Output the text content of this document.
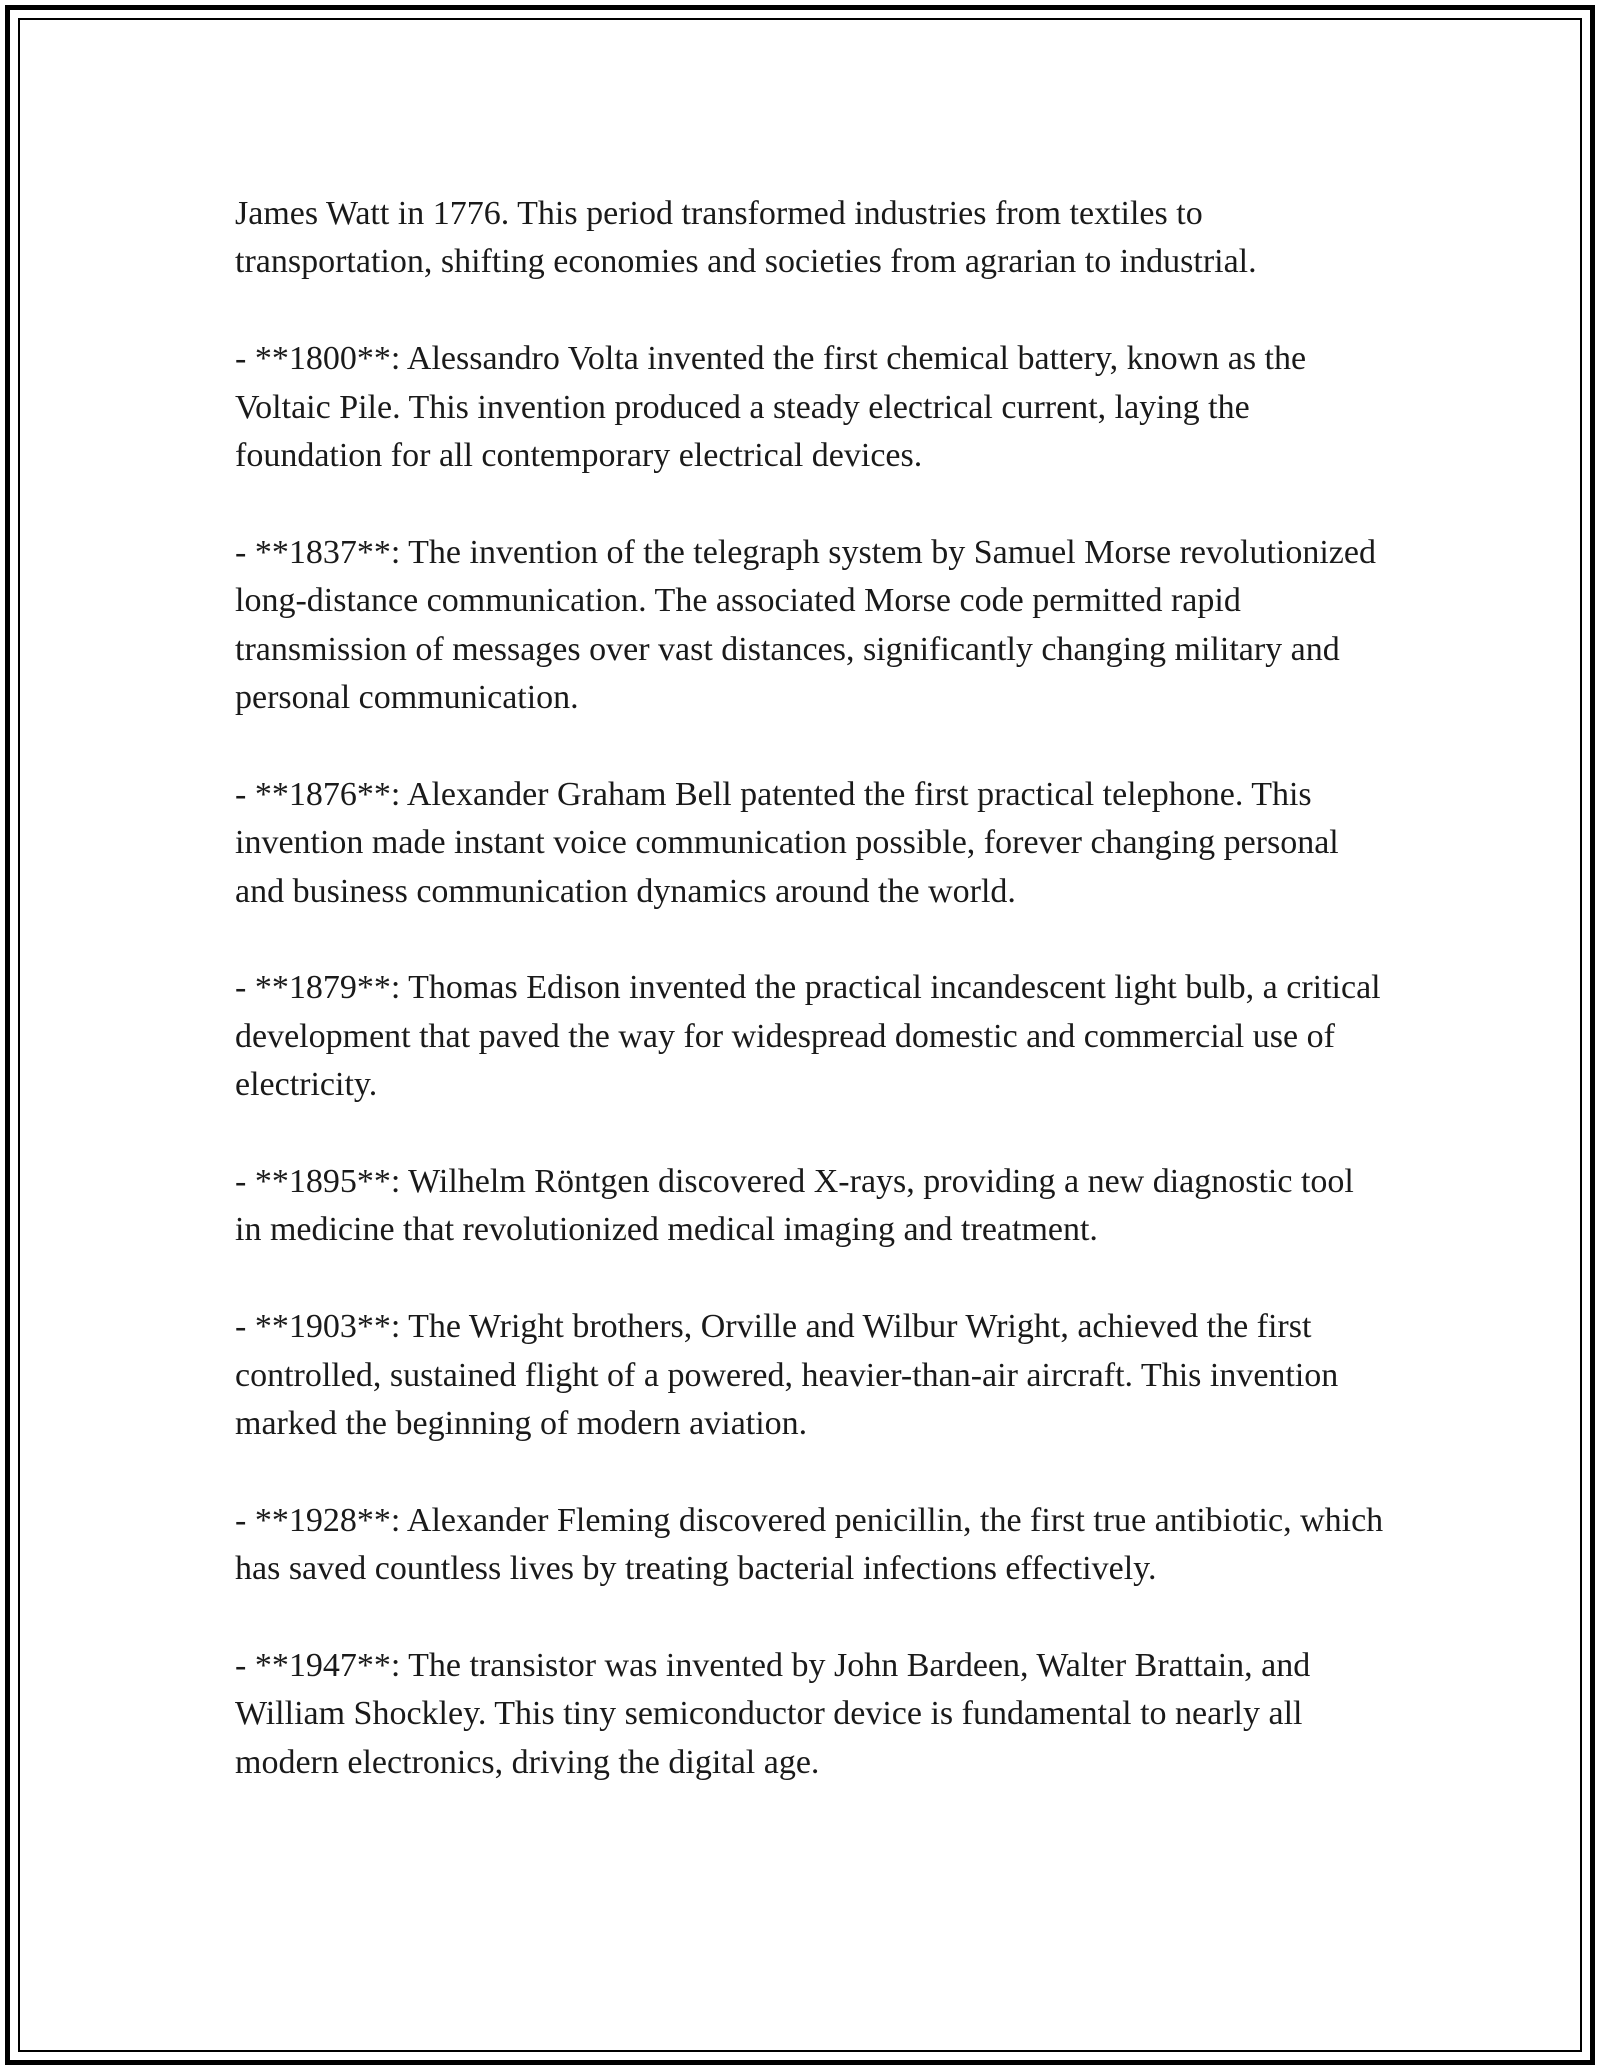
James Watt in 1776. This period transformed industries from textiles to transportation, shifting economies and societies from agrarian to industrial.

- **1800**: Alessandro Volta invented the first chemical battery, known as the Voltaic Pile. This invention produced a steady electrical current, laying the foundation for all contemporary electrical devices.

- **1837**: The invention of the telegraph system by Samuel Morse revolutionized long-distance communication. The associated Morse code permitted rapid transmission of messages over vast distances, significantly changing military and personal communication.

- **1876**: Alexander Graham Bell patented the first practical telephone. This invention made instant voice communication possible, forever changing personal and business communication dynamics around the world.

- **1879**: Thomas Edison invented the practical incandescent light bulb, a critical development that paved the way for widespread domestic and commercial use of electricity.

- **1895**: Wilhelm Röntgen discovered X-rays, providing a new diagnostic tool in medicine that revolutionized medical imaging and treatment.

- **1903**: The Wright brothers, Orville and Wilbur Wright, achieved the first controlled, sustained flight of a powered, heavier-than-air aircraft. This invention marked the beginning of modern aviation.

- **1928**: Alexander Fleming discovered penicillin, the first true antibiotic, which has saved countless lives by treating bacterial infections effectively.

- **1947**: The transistor was invented by John Bardeen, Walter Brattain, and William Shockley. This tiny semiconductor device is fundamental to nearly all modern electronics, driving the digital age.
